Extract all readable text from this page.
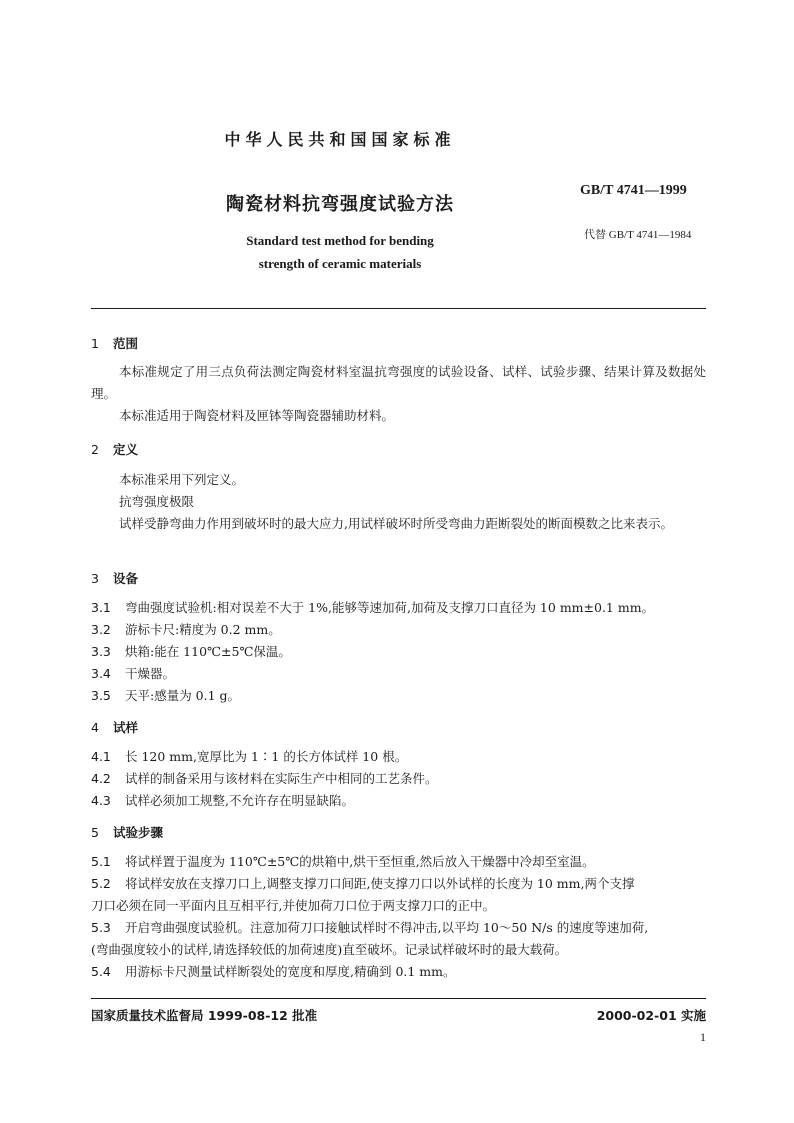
中华人民共和国国家标准
陶瓷材料抗弯强度试验方法
Standard test method for bending
strength of ceramic materials
GB/T 4741—1999
代替 GB/T 4741—1984
1 范围
本标准规定了用三点负荷法测定陶瓷材料室温抗弯强度的试验设备、试样、试验步骤、结果计算及数据处理。
本标准适用于陶瓷材料及匣钵等陶瓷器辅助材料。
2 定义
本标准采用下列定义。
抗弯强度极限
试样受静弯曲力作用到破坏时的最大应力,用试样破坏时所受弯曲力距断裂处的断面模数之比来表示。
3 设备
3.1 弯曲强度试验机:相对误差不大于 1%,能够等速加荷,加荷及支撑刀口直径为 10 mm±0.1 mm。
3.2 游标卡尺:精度为 0.2 mm。
3.3 烘箱:能在 110℃±5℃保温。
3.4 干燥器。
3.5 天平:感量为 0.1 g。
4 试样
4.1 长 120 mm,宽厚比为 1∶1 的长方体试样 10 根。
4.2 试样的制备采用与该材料在实际生产中相同的工艺条件。
4.3 试样必须加工规整,不允许存在明显缺陷。
5 试验步骤
5.1 将试样置于温度为 110℃±5℃的烘箱中,烘干至恒重,然后放入干燥器中冷却至室温。
5.2 将试样安放在支撑刀口上,调整支撑刀口间距,使支撑刀口以外试样的长度为 10 mm,两个支撑
刀口必须在同一平面内且互相平行,并使加荷刀口位于两支撑刀口的正中。
5.3 开启弯曲强度试验机。注意加荷刀口接触试样时不得冲击,以平均 10～50 N/s 的速度等速加荷,
(弯曲强度较小的试样,请选择较低的加荷速度)直至破坏。记录试样破坏时的最大载荷。
5.4 用游标卡尺测量试样断裂处的宽度和厚度,精确到 0.1 mm。
国家质量技术监督局 1999-08-12 批准	2000-02-01 实施
1
